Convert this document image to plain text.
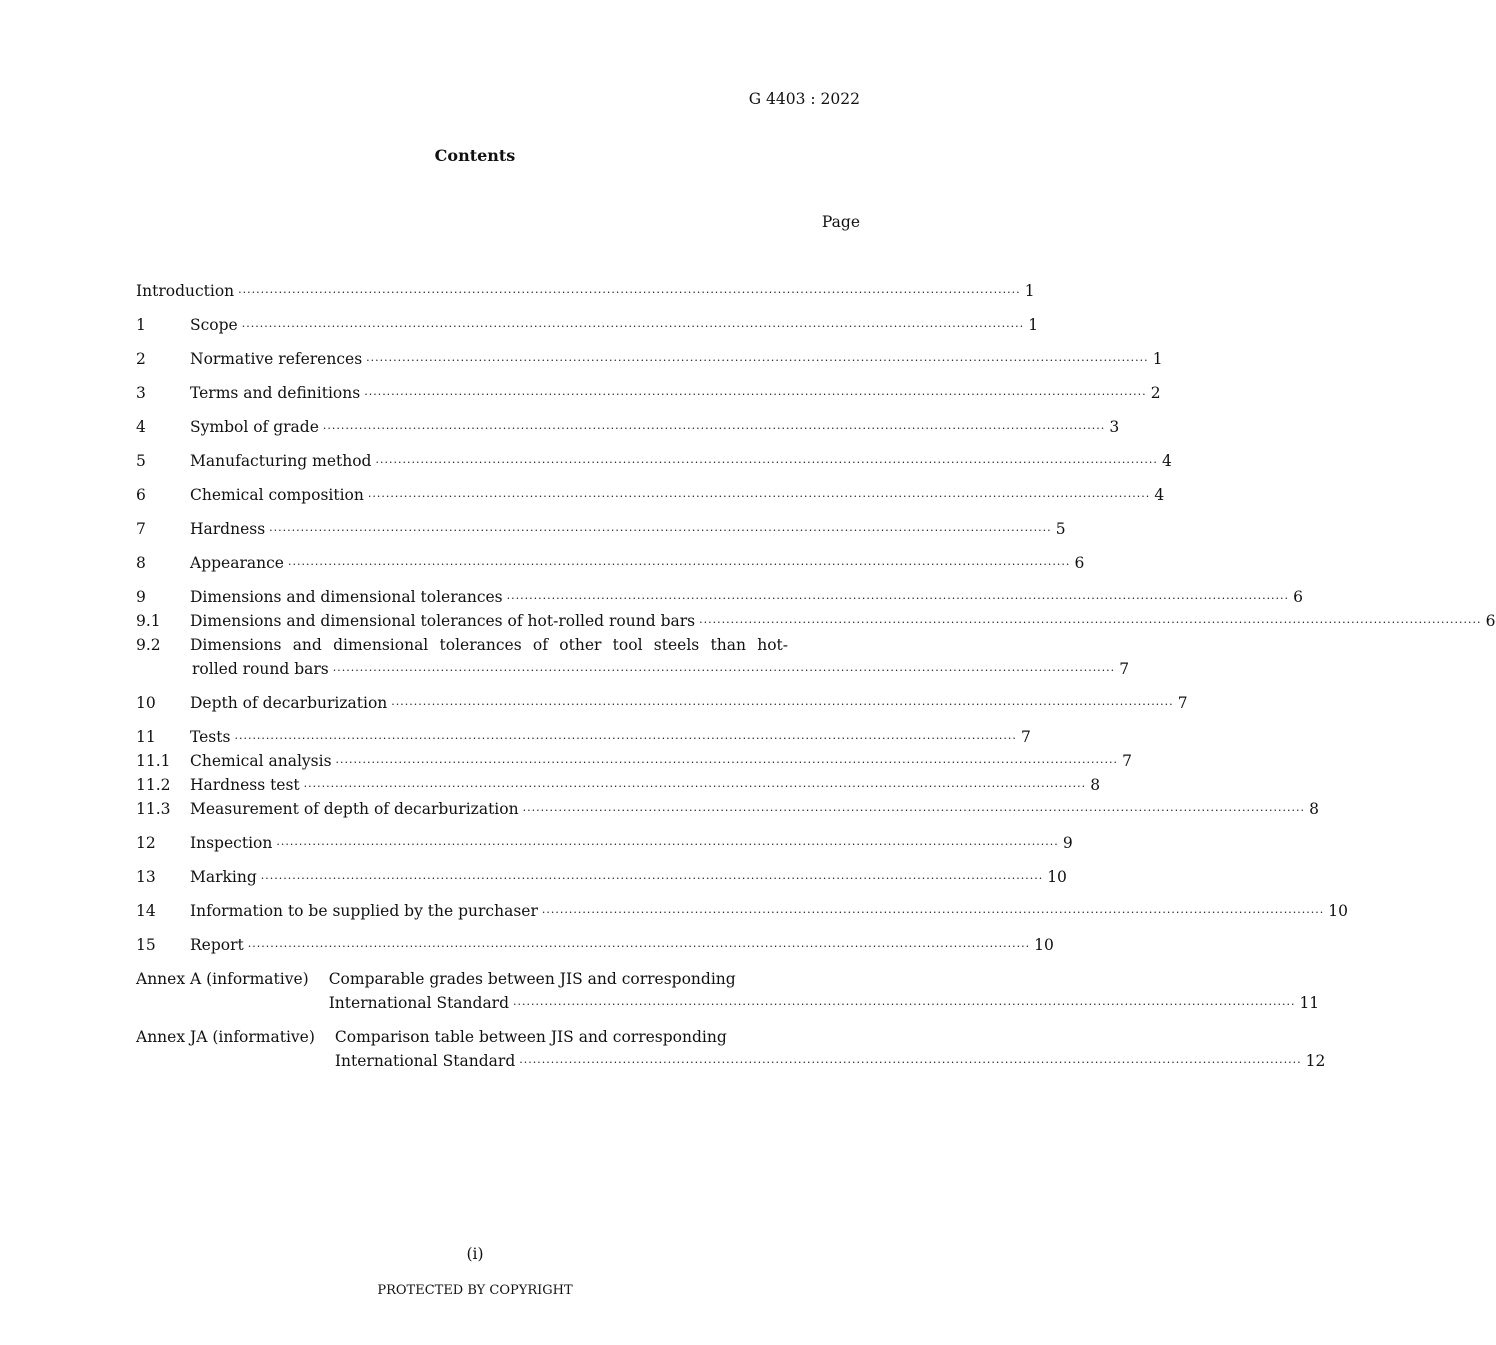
G 4403 : 2022
Contents
Page
Introduction ·····	1
1	Scope ·····	1
2	Normative references ·····	1
3	Terms and definitions ·····	2
4	Symbol of grade ·····	3
5	Manufacturing method ·····	4
6	Chemical composition ·····	4
7	Hardness ·····	5
8	Appearance ·····	6
9	Dimensions and dimensional tolerances ·····	6
9.1	Dimensions and dimensional tolerances of hot-rolled round bars ·····	6
9.2	Dimensions and dimensional tolerances of other tool steels than hot-
rolled round bars ·····	7
10	Depth of decarburization ·····	7
11	Tests ·····	7
11.1	Chemical analysis ·····	7
11.2	Hardness test ·····	8
11.3	Measurement of depth of decarburization ·····	8
12	Inspection ·····	9
13	Marking ·····	10
14	Information to be supplied by the purchaser ·····	10
15	Report ·····	10
Annex A (informative) Comparable grades between JIS and corresponding
International Standard ·····	11
Annex JA (informative) Comparison table between JIS and corresponding
International Standard ·····	12
(i)
PROTECTED BY COPYRIGHT
